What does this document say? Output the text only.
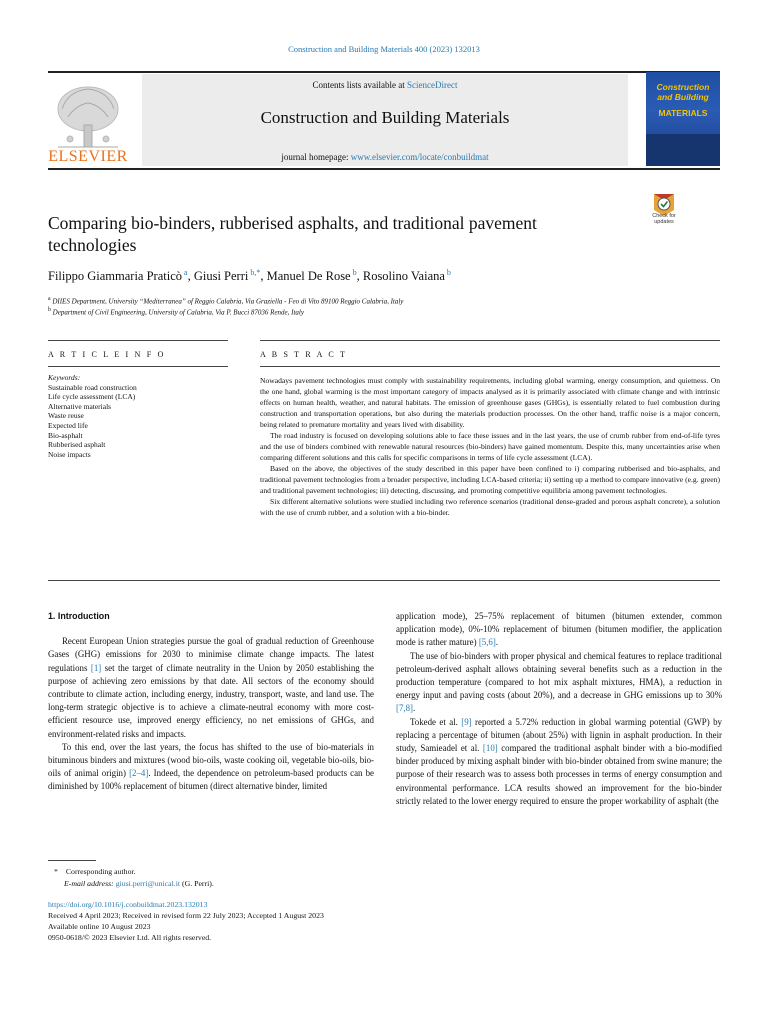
Construction and Building Materials 400 (2023) 132013
ELSEVIER
Contents lists available at ScienceDirect
Construction and Building Materials
journal homepage: www.elsevier.com/locate/conbuildmat
Construction and Building
MATERIALS
Comparing bio-binders, rubberised asphalts, and traditional pavement technologies
Check for updates
Filippo Giammaria Praticò $^a$, Giusi Perri $^{b,*}$, Manuel De Rose $^b$, Rosolino Vaiana $^b$
$^a$ DIIES Department, University “Mediterranea” of Reggio Calabria, Via Graziella - Feo di Vito 89100 Reggio Calabria, Italy
$^b$ Department of Civil Engineering, University of Calabria, Via P. Bucci 87036 Rende, Italy
A R T I C L E I N F O	A B S T R A C T
Keywords:
Sustainable road construction
Life cycle assessment (LCA)
Alternative materials
Waste reuse
Expected life
Bio-asphalt
Rubberised asphalt
Noise impacts

Nowadays pavement technologies must comply with sustainability requirements, including global warming, energy consumption, and quietness. On the one hand, global warming is the most important category of impacts analysed as it is primarily associated with climate change and with intrinsic effects on human health, weather, and natural habitats. The emission of greenhouse gases (GHGs), is essentially related to fuel combustion during construction and transportation operations, but also during the materials production processes. On the other hand, traffic noise is a major concern, being related to premature mortality and years lived with disability.

The road industry is focused on developing solutions able to face these issues and in the last years, the use of crumb rubber from end-of-life tyres and the use of binders combined with renewable natural resources (bio-binders) have gained momentum. Despite this, many uncertainties arise when comparing different solutions and this calls for specific comparisons in terms of life cycle assessment (LCA).

Based on the above, the objectives of the study described in this paper have been confined to i) comparing rubberised and bio-asphalts, and traditional pavement technologies from a broader perspective, including LCA-based criteria; ii) setting up a method to compare innovative (e.g. green) and traditional pavement technologies; iii) detecting, discussing, and promoting competitive equilibria among pavement technologies.

Six different alternative solutions were studied including two reference scenarios (traditional dense-graded and porous asphalt concrete), a solution with the use of crumb rubber, and a solution with a bio-binder.

1. Introduction

Recent European Union strategies pursue the goal of gradual reduction of Greenhouse Gases (GHG) emissions for 2030 to minimise climate change impacts. The latest regulations [1] set the target of climate neutrality in the Union by 2050 establishing the purpose of achieving zero emissions by that date. All sectors of the economy should contribute to climate action, including energy, industry, transport, waste, and land use. The long-term strategic objective is to achieve a climate-neutral economy with more cost-efficient resource use, improved energy efficiency, no net emissions of GHGs, and environment-related risks and impacts.

To this end, over the last years, the focus has shifted to the use of bio-materials in bituminous binders and mixtures (wood bio-oils, waste cooking oil, vegetable bio-oils, bio-oils of animal origin) [2–4]. Indeed, the dependence on petroleum-based products can be diminished by 100% replacement of bitumen (direct alternative binder, limited

application mode), 25–75% replacement of bitumen (bitumen extender, common application mode), 0%-10% replacement of bitumen (bitumen modifier, the application mode is rather mature) [5,6].

The use of bio-binders with proper physical and chemical features to replace traditional petroleum-derived asphalt allows obtaining several benefits such as a reduction in the production temperature (compared to hot mix asphalt mixtures, HMA), a reduction in energy input and paving costs (about 20%), and a decrease in GHG emissions up to 30% [7,8].

Tokede et al. [9] reported a 5.72% reduction in global warming potential (GWP) by replacing a percentage of bitumen (about 25%) with lignin in asphalt production. In their study, Samieadel et al. [10] compared the traditional asphalt binder with a bio-modified binder produced by mixing asphalt binder with bio-binder obtained from swine manure; the purpose of their research was to assess both processes in terms of energy consumption and environmental performance. LCA results showed an improvement for the bio-binder strictly related to the lower energy required to ensure the proper workability of asphalt (the

* Corresponding author.
E-mail address: giusi.perri@unical.it (G. Perri).
https://doi.org/10.1016/j.conbuildmat.2023.132013
Received 4 April 2023; Received in revised form 22 July 2023; Accepted 1 August 2023
Available online 10 August 2023
0950-0618/© 2023 Elsevier Ltd. All rights reserved.
